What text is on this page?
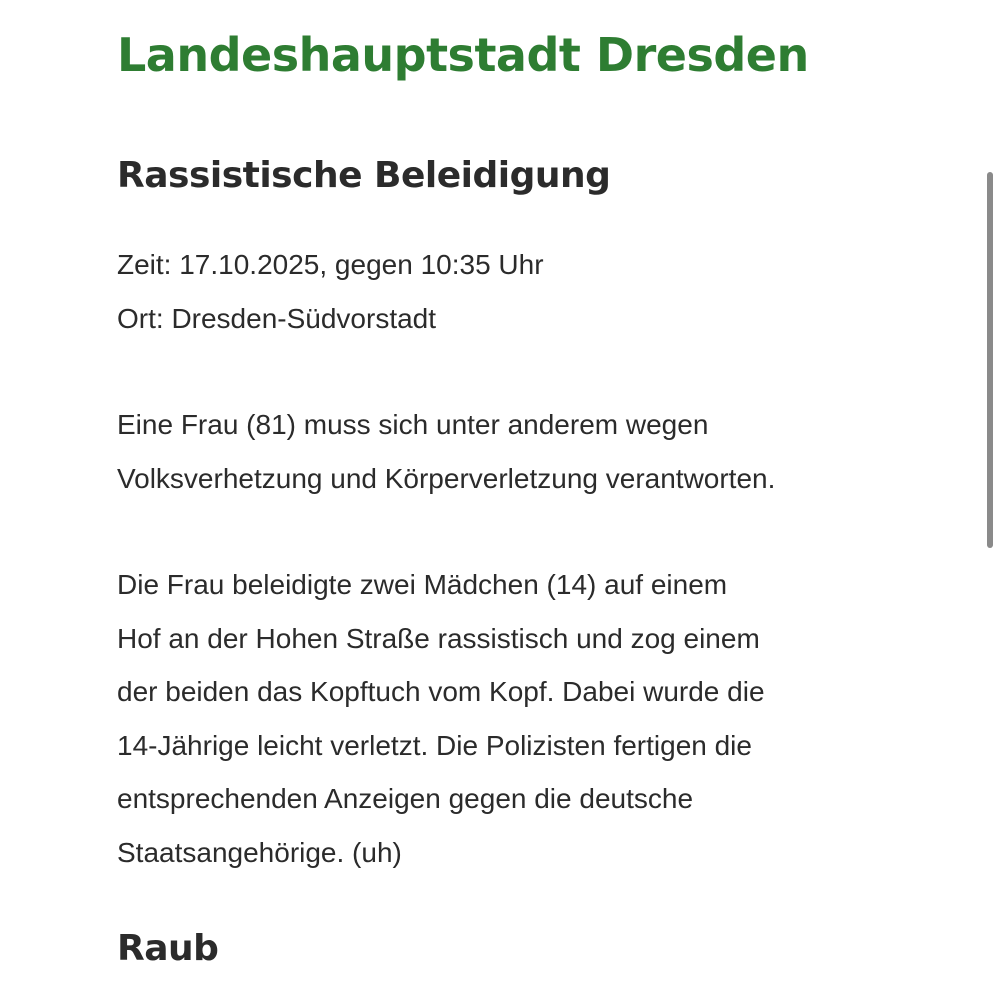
Landeshauptstadt Dresden
Rassistische Beleidigung
Zeit: 17.10.2025, gegen 10:35 Uhr
Ort: Dresden-Südvorstadt
Eine Frau (81) muss sich unter anderem wegen
Volksverhetzung und Körperverletzung verantworten.
Die Frau beleidigte zwei Mädchen (14) auf einem
Hof an der Hohen Straße rassistisch und zog einem
der beiden das Kopftuch vom Kopf. Dabei wurde die
14-Jährige leicht verletzt. Die Polizisten fertigen die
entsprechenden Anzeigen gegen die deutsche
Staatsangehörige. (uh)
Raub
